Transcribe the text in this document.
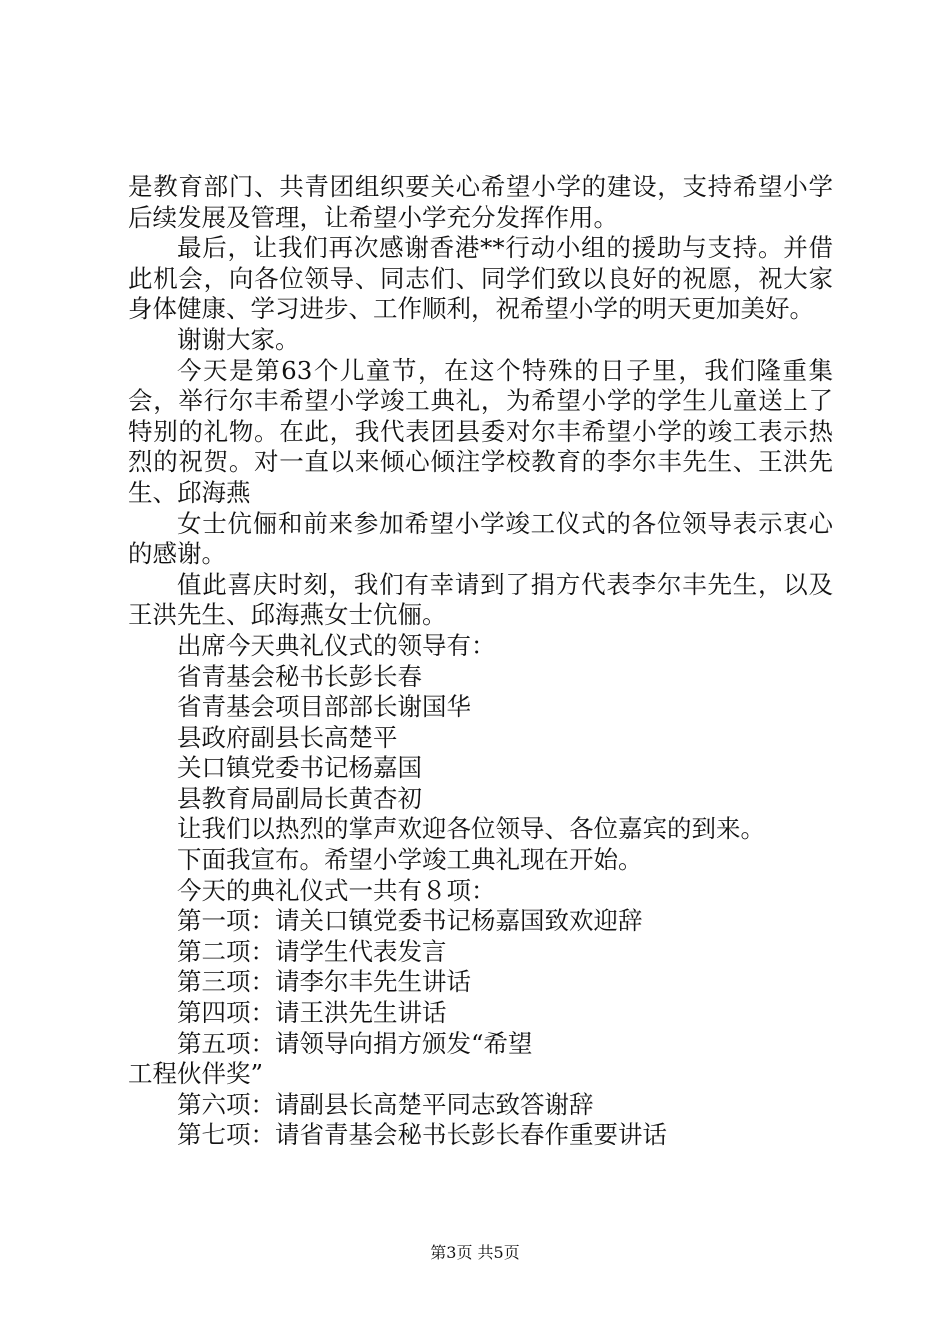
是教育部门、共青团组织要关心希望小学的建设，支持希望小学后续发展及管理，让希望小学充分发挥作用。

最后，让我们再次感谢香港**行动小组的援助与支持。并借此机会，向各位领导、同志们、同学们致以良好的祝愿，祝大家身体健康、学习进步、工作顺利，祝希望小学的明天更加美好。

谢谢大家。

今天是第63个儿童节，在这个特殊的日子里，我们隆重集会，举行尔丰希望小学竣工典礼，为希望小学的学生儿童送上了特别的礼物。在此，我代表团县委对尔丰希望小学的竣工表示热烈的祝贺。对一直以来倾心倾注学校教育的李尔丰先生、王洪先生、邱海燕

女士伉俪和前来参加希望小学竣工仪式的各位领导表示衷心的感谢。

值此喜庆时刻，我们有幸请到了捐方代表李尔丰先生，以及王洪先生、邱海燕女士伉俪。

出席今天典礼仪式的领导有：

省青基会秘书长彭长春

省青基会项目部部长谢国华

县政府副县长高楚平

关口镇党委书记杨嘉国

县教育局副局长黄杏初

让我们以热烈的掌声欢迎各位领导、各位嘉宾的到来。

下面我宣布。希望小学竣工典礼现在开始。

今天的典礼仪式一共有８项：

第一项：请关口镇党委书记杨嘉国致欢迎辞

第二项：请学生代表发言

第三项：请李尔丰先生讲话

第四项：请王洪先生讲话

第五项：请领导向捐方颁发“希望

工程伙伴奖”

第六项：请副县长高楚平同志致答谢辞

第七项：请省青基会秘书长彭长春作重要讲话

第3页 共5页
